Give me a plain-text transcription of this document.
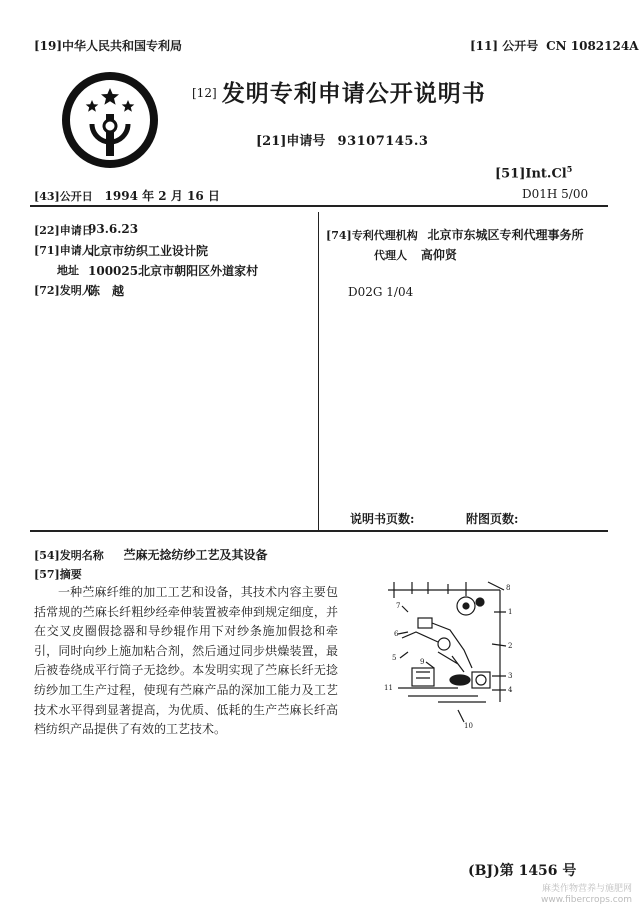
[19]中华人民共和国专利局	[11] 公开号 CN 1082124A
[12] 发明专利申请公开说明书
[21]申请号 93107145.3
[51]Int.Cl$^5$
D01H 5/00
[43]公开日 1994 年 2 月 16 日
[22]申请日
93.6.23
[71]申请人
北京市纺织工业设计院
地址 100025北京市朝阳区外道家村
[72]发明人
陈　越
[74]专利代理机构 北京市东城区专利代理事务所
代理人 高仰贤
D02G 1/04
说明书页数:	附图页数:
[54]发明名称 苎麻无捻纺纱工艺及其设备
[57]摘要

一种苎麻纤维的加工工艺和设备，其技术内容主要包括常规的苎麻长纤粗纱经牵伸装置被牵伸到规定细度，并在交叉皮圈假捻器和导纱辊作用下对纱条施加假捻和牵引，同时向纱上施加粘合剂，然后通过同步烘燥装置，最后被卷绕成平行筒子无捻纱。本发明实现了苎麻长纤无捻纺纱加工生产过程，使现有苎麻产品的深加工能力及工艺技术水平得到显著提高，为优质、低耗的生产苎麻长纤高档纺织产品提供了有效的工艺技术。

1
2
3
4
5
6
7
8
9
10
11
(BJ)第 1456 号
麻类作物营养与施肥网
www.fibercrops.com
